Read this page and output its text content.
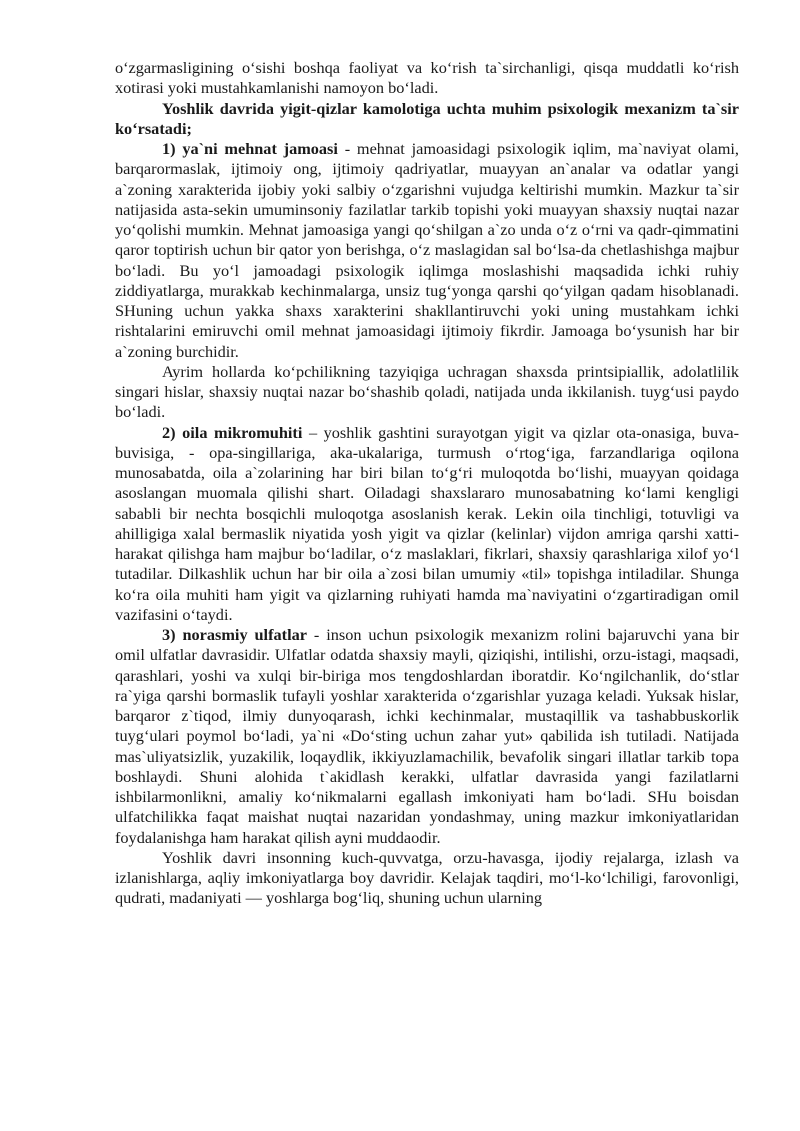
o‘zgarmasligining o‘sishi boshqa faoliyat va ko‘rish ta`sirchanligi, qisqa muddatli ko‘rish xotirasi yoki mustahkamlanishi namoyon bo‘ladi.

Yoshlik davrida yigit-qizlar kamolotiga uchta muhim psixologik mexanizm ta`sir ko‘rsatadi;

1) ya`ni mehnat jamoasi - mehnat jamoasidagi psixologik iqlim, ma`naviyat olami, barqarormaslak, ijtimoiy ong, ijtimoiy qadriyatlar, muayyan an`analar va odatlar yangi a`zoning xarakterida ijobiy yoki salbiy o‘zgarishni vujudga keltirishi mumkin. Mazkur ta`sir natijasida asta-sekin umuminsoniy fazilatlar tarkib topishi yoki muayyan shaxsiy nuqtai nazar yo‘qolishi mumkin. Mehnat jamoasiga yangi qo‘shilgan a`zo unda o‘z o‘rni va qadr-qimmatini qaror toptirish uchun bir qator yon berishga, o‘z maslagidan sal bo‘lsa-da chetlashishga majbur bo‘ladi. Bu yo‘l jamoadagi psixologik iqlimga moslashishi maqsadida ichki ruhiy ziddiyatlarga, murakkab kechinmalarga, unsiz tug‘yonga qarshi qo‘yilgan qadam hisoblanadi. SHuning uchun yakka shaxs xarakterini shakllantiruvchi yoki uning mustahkam ichki rishtalarini emiruvchi omil mehnat jamoasidagi ijtimoiy fikrdir. Jamoaga bo‘ysunish har bir a`zoning burchidir.

Ayrim hollarda ko‘pchilikning tazyiqiga uchragan shaxsda printsipiallik, adolatlilik singari hislar, shaxsiy nuqtai nazar bo‘shashib qoladi, natijada unda ikkilanish. tuyg‘usi paydo bo‘ladi.

2) oila mikromuhiti – yoshlik gashtini surayotgan yigit va qizlar ota-onasiga, buva-buvisiga, - opa-singillariga, aka-ukalariga, turmush o‘rtog‘iga, farzandlariga oqilona munosabatda, oila a`zolarining har biri bilan to‘g‘ri muloqotda bo‘lishi, muayyan qoidaga asoslangan muomala qilishi shart. Oiladagi shaxslararo munosabatning ko‘lami kengligi sababli bir nechta bosqichli muloqotga asoslanish kerak. Lekin oila tinchligi, totuvligi va ahilligiga xalal bermaslik niyatida yosh yigit va qizlar (kelinlar) vijdon amriga qarshi xatti-harakat qilishga ham majbur bo‘ladilar, o‘z maslaklari, fikrlari, shaxsiy qarashlariga xilof yo‘l tutadilar. Dilkashlik uchun har bir oila a`zosi bilan umumiy «til» topishga intiladilar. Shunga ko‘ra oila muhiti ham yigit va qizlarning ruhiyati hamda ma`naviyatini o‘zgartiradigan omil vazifasini o‘taydi.

3) norasmiy ulfatlar - inson uchun psixologik mexanizm rolini bajaruvchi yana bir omil ulfatlar davrasidir. Ulfatlar odatda shaxsiy mayli, qiziqishi, intilishi, orzu-istagi, maqsadi, qarashlari, yoshi va xulqi bir-biriga mos tengdoshlardan iboratdir. Ko‘ngilchanlik, do‘stlar ra`yiga qarshi bormaslik tufayli yoshlar xarakterida o‘zgarishlar yuzaga keladi. Yuksak hislar, barqaror z`tiqod, ilmiy dunyoqarash, ichki kechinmalar, mustaqillik va tashabbuskorlik tuyg‘ulari poymol bo‘ladi, ya`ni «Do‘sting uchun zahar yut» qabilida ish tutiladi. Natijada mas`uliyatsizlik, yuzakilik, loqaydlik, ikkiyuzlamachilik, bevafolik singari illatlar tarkib topa boshlaydi. Shuni alohida t`akidlash kerakki, ulfatlar davrasida yangi fazilatlarni ishbilarmonlikni, amaliy ko‘nikmalarni egallash imkoniyati ham bo‘ladi. SHu boisdan ulfatchilikka faqat maishat nuqtai nazaridan yondashmay, uning mazkur imkoniyatlaridan foydalanishga ham harakat qilish ayni muddaodir.

Yoshlik davri insonning kuch-quvvatga, orzu-havasga, ijodiy rejalarga, izlash va izlanishlarga, aqliy imkoniyatlarga boy davridir. Kelajak taqdiri, mo‘l-ko‘lchiligi, farovonligi, qudrati, madaniyati — yoshlarga bog‘liq, shuning uchun ularning
